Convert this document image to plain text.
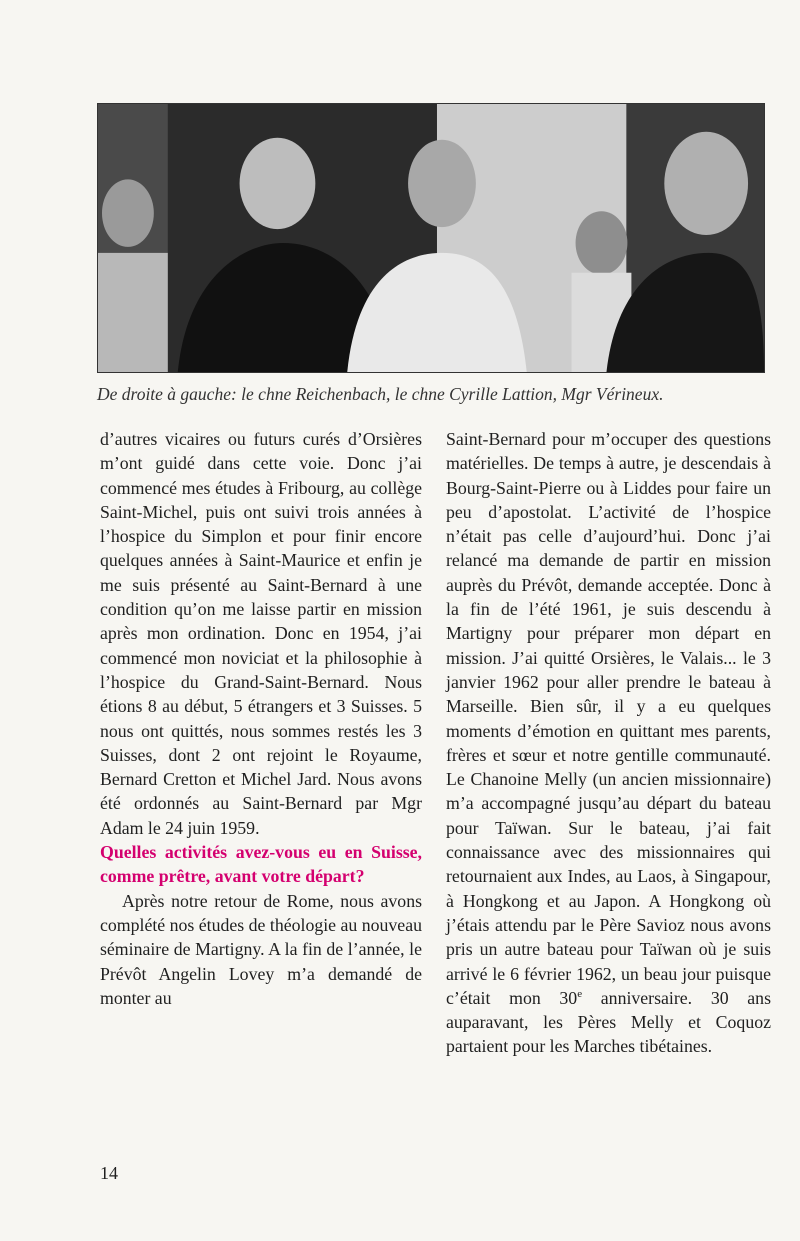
De droite à gauche: le chne Reichenbach, le chne Cyrille Lattion, Mgr Vérineux.

d’autres vicaires ou futurs curés d’Orsières m’ont guidé dans cette voie. Donc j’ai commencé mes études à Fribourg, au collège Saint-Michel, puis ont suivi trois années à l’hospice du Simplon et pour finir encore quelques années à Saint-Maurice et enfin je me suis présenté au Saint-Bernard à une condition qu’on me laisse partir en mission après mon ordination. Donc en 1954, j’ai commencé mon noviciat et la philosophie à l’hospice du Grand-Saint-Bernard. Nous étions 8 au début, 5 étrangers et 3 Suisses. 5 nous ont quittés, nous sommes restés les 3 Suisses, dont 2 ont rejoint le Royaume, Bernard Cretton et Michel Jard. Nous avons été ordonnés au Saint-Bernard par Mgr Adam le 24 juin 1959.

Quelles activités avez-vous eu en Suisse, comme prêtre, avant votre départ?

Après notre retour de Rome, nous avons complété nos études de théologie au nouveau séminaire de Martigny. A la fin de l’année, le Prévôt Angelin Lovey m’a demandé de monter au

Saint-Bernard pour m’occuper des questions matérielles. De temps à autre, je descendais à Bourg-Saint-Pierre ou à Liddes pour faire un peu d’apostolat. L’activité de l’hospice n’était pas celle d’aujourd’hui. Donc j’ai relancé ma demande de partir en mission auprès du Prévôt, demande acceptée. Donc à la fin de l’été 1961, je suis descendu à Martigny pour préparer mon départ en mission. J’ai quitté Orsières, le Valais... le 3 janvier 1962 pour aller prendre le bateau à Marseille. Bien sûr, il y a eu quelques moments d’émotion en quittant mes parents, frères et sœur et notre gentille communauté. Le Chanoine Melly (un ancien missionnaire) m’a accompagné jusqu’au départ du bateau pour Taïwan. Sur le bateau, j’ai fait connaissance avec des missionnaires qui retournaient aux Indes, au Laos, à Singapour, à Hongkong et au Japon. A Hongkong où j’étais attendu par le Père Savioz nous avons pris un autre bateau pour Taïwan où je suis arrivé le 6 février 1962, un beau jour puisque c’était mon 30e anniversaire. 30 ans auparavant, les Pères Melly et Coquoz partaient pour les Marches tibétaines.

14
